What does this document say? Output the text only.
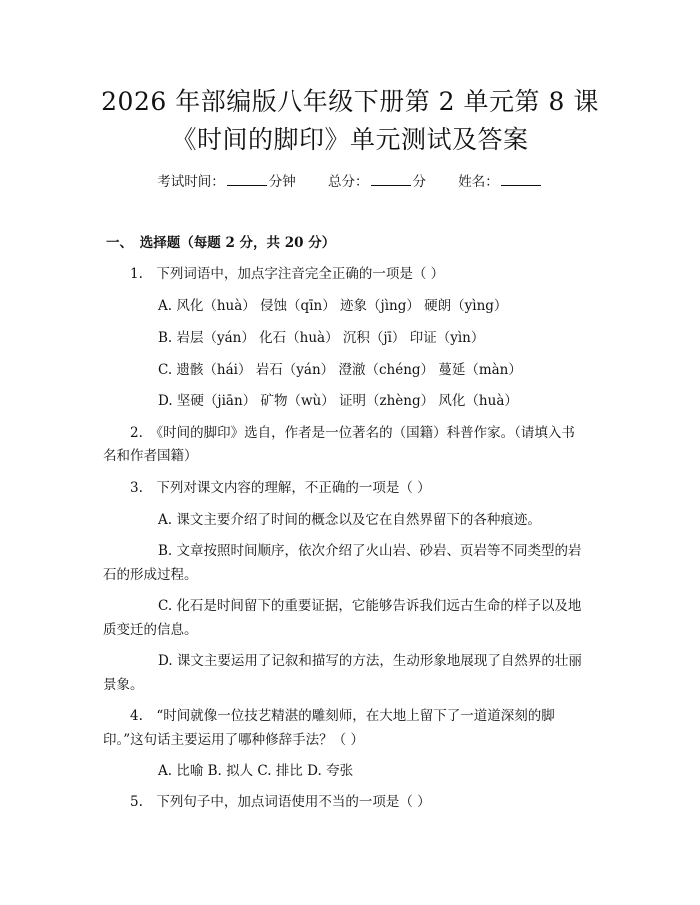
2026 年部编版八年级下册第 2 单元第 8 课
《时间的脚印》单元测试及答案
考试时间：	分钟 总分：	分 姓名：
一、　选择题（每题 2 分，共 20 分）
1.　下列词语中，加点字注音完全正确的一项是（ ）
A. 风化（huà） 侵蚀（qīn） 迹象（jìng） 硬朗（yìng）
B. 岩层（yán） 化石（huà） 沉积（jī） 印证（yìn）
C. 遗骸（hái） 岩石（yán） 澄澈（chéng） 蔓延（màn）
D. 坚硬（jiān） 矿物（wù） 证明（zhèng） 风化（huà）
2.　《时间的脚印》选自，作者是一位著名的（国籍）科普作家。（请填入书
名和作者国籍）
3.　下列对课文内容的理解，不正确的一项是（ ）
A. 课文主要介绍了时间的概念以及它在自然界留下的各种痕迹。
B. 文章按照时间顺序，依次介绍了火山岩、砂岩、页岩等不同类型的岩
石的形成过程。
C. 化石是时间留下的重要证据，它能够告诉我们远古生命的样子以及地
质变迁的信息。
D. 课文主要运用了记叙和描写的方法，生动形象地展现了自然界的壮丽
景象。
4.　“时间就像一位技艺精湛的雕刻师，在大地上留下了一道道深刻的脚
印。”这句话主要运用了哪种修辞手法？（ ）
A. 比喻 B. 拟人 C. 排比 D. 夸张
5.　下列句子中，加点词语使用不当的一项是（ ）
